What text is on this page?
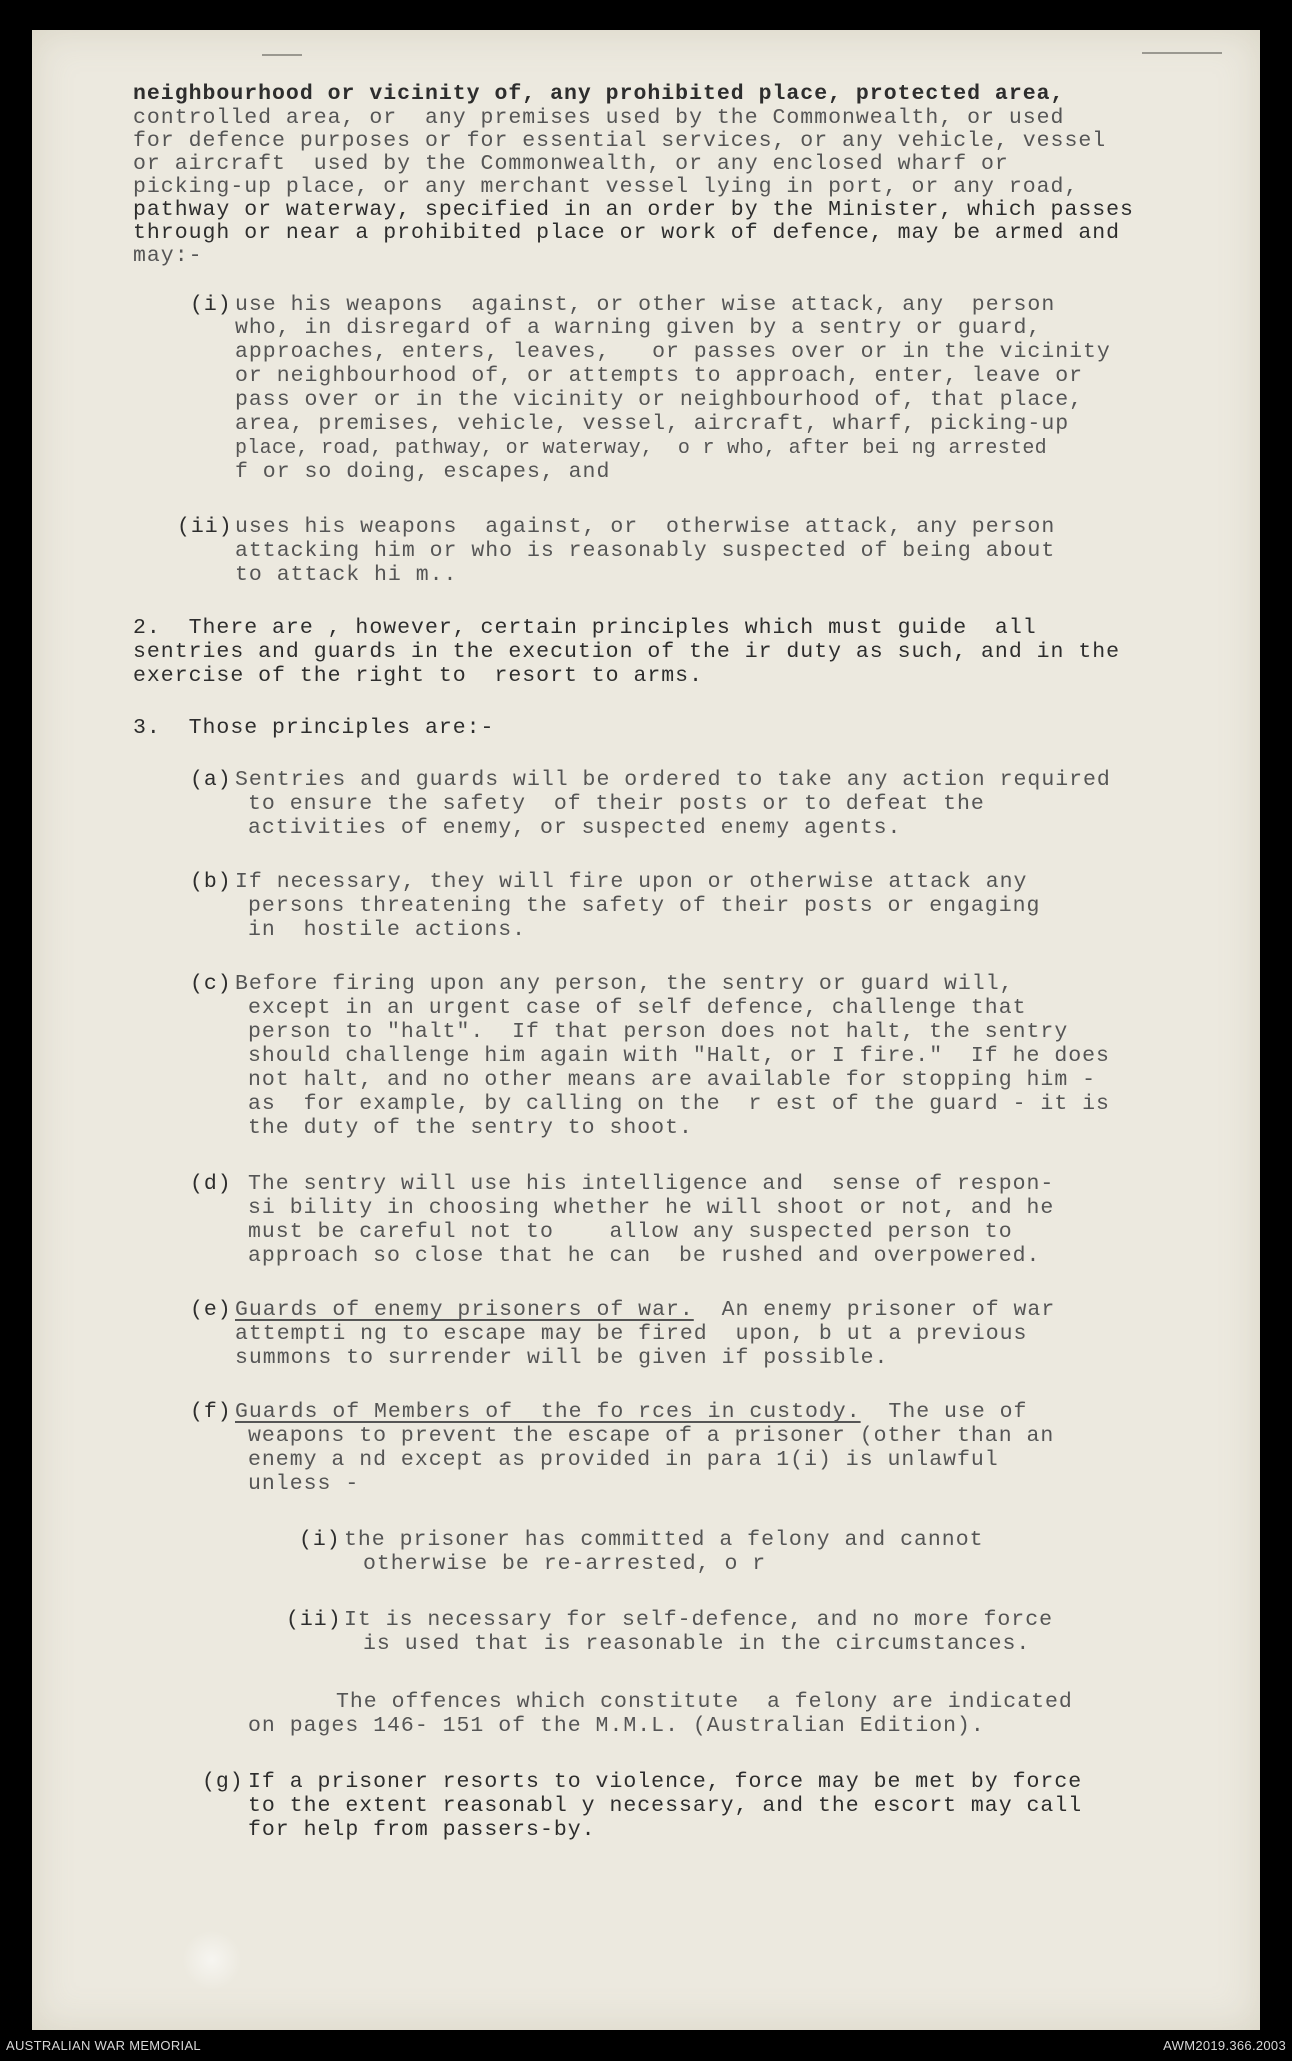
neighbourhood or vicinity of, any prohibited place, protected area,
controlled area, or  any premises used by the Commonwealth, or used
for defence purposes or for essential services, or any vehicle, vessel
or aircraft  used by the Commonwealth, or any enclosed wharf or
picking-up place, or any merchant vessel lying in port, or any road,
pathway or waterway, specified in an order by the Minister, which passes
through or near a prohibited place or work of defence, may be armed and
may:-
(i) use his weapons  against, or other wise attack, any  person
who, in disregard of a warning given by a sentry or guard,
approaches, enters, leaves,   or passes over or in the vicinity
or neighbourhood of, or attempts to approach, enter, leave or
pass over or in the vicinity or neighbourhood of, that place,
area, premises, vehicle, vessel, aircraft, wharf, picking-up
place, road, pathway, or waterway,  o r who, after bei ng arrested
f or so doing, escapes, and
(ii) uses his weapons  against, or  otherwise attack, any person
attacking him or who is reasonably suspected of being about
to attack hi m..
2.  There are , however, certain principles which must guide  all
sentries and guards in the execution of the ir duty as such, and in the
exercise of the right to  resort to arms.
3.  Those principles are:-
(a) Sentries and guards will be ordered to take any action required
to ensure the safety  of their posts or to defeat the
activities of enemy, or suspected enemy agents.
(b) If necessary, they will fire upon or otherwise attack any
persons threatening the safety of their posts or engaging
in  hostile actions.
(c) Before firing upon any person, the sentry or guard will,
except in an urgent case of self defence, challenge that
person to "halt".  If that person does not halt, the sentry
should challenge him again with "Halt, or I fire."  If he does
not halt, and no other means are available for stopping him -
as  for example, by calling on the  r est of the guard - it is
the duty of the sentry to shoot.
(d) The sentry will use his intelligence and  sense of respon-
si bility in choosing whether he will shoot or not, and he
must be careful not to    allow any suspected person to
approach so close that he can  be rushed and overpowered.
(e) Guards of enemy prisoners of war.  An enemy prisoner of war
attempti ng to escape may be fired  upon, b ut a previous
summons to surrender will be given if possible.
(f) Guards of Members of  the fo rces in custody.  The use of
weapons to prevent the escape of a prisoner (other than an
enemy a nd except as provided in para 1(i) is unlawful
unless -
(i) the prisoner has committed a felony and cannot
otherwise be re-arrested, o r
(ii) It is necessary for self-defence, and no more force
is used that is reasonable in the circumstances.
The offences which constitute  a felony are indicated
on pages 146- 151 of the M.M.L. (Australian Edition).
(g) If a prisoner resorts to violence, force may be met by force
to the extent reasonabl y necessary, and the escort may call
for help from passers-by.
AUSTRALIAN WAR MEMORIAL	AWM2019.366.2003
